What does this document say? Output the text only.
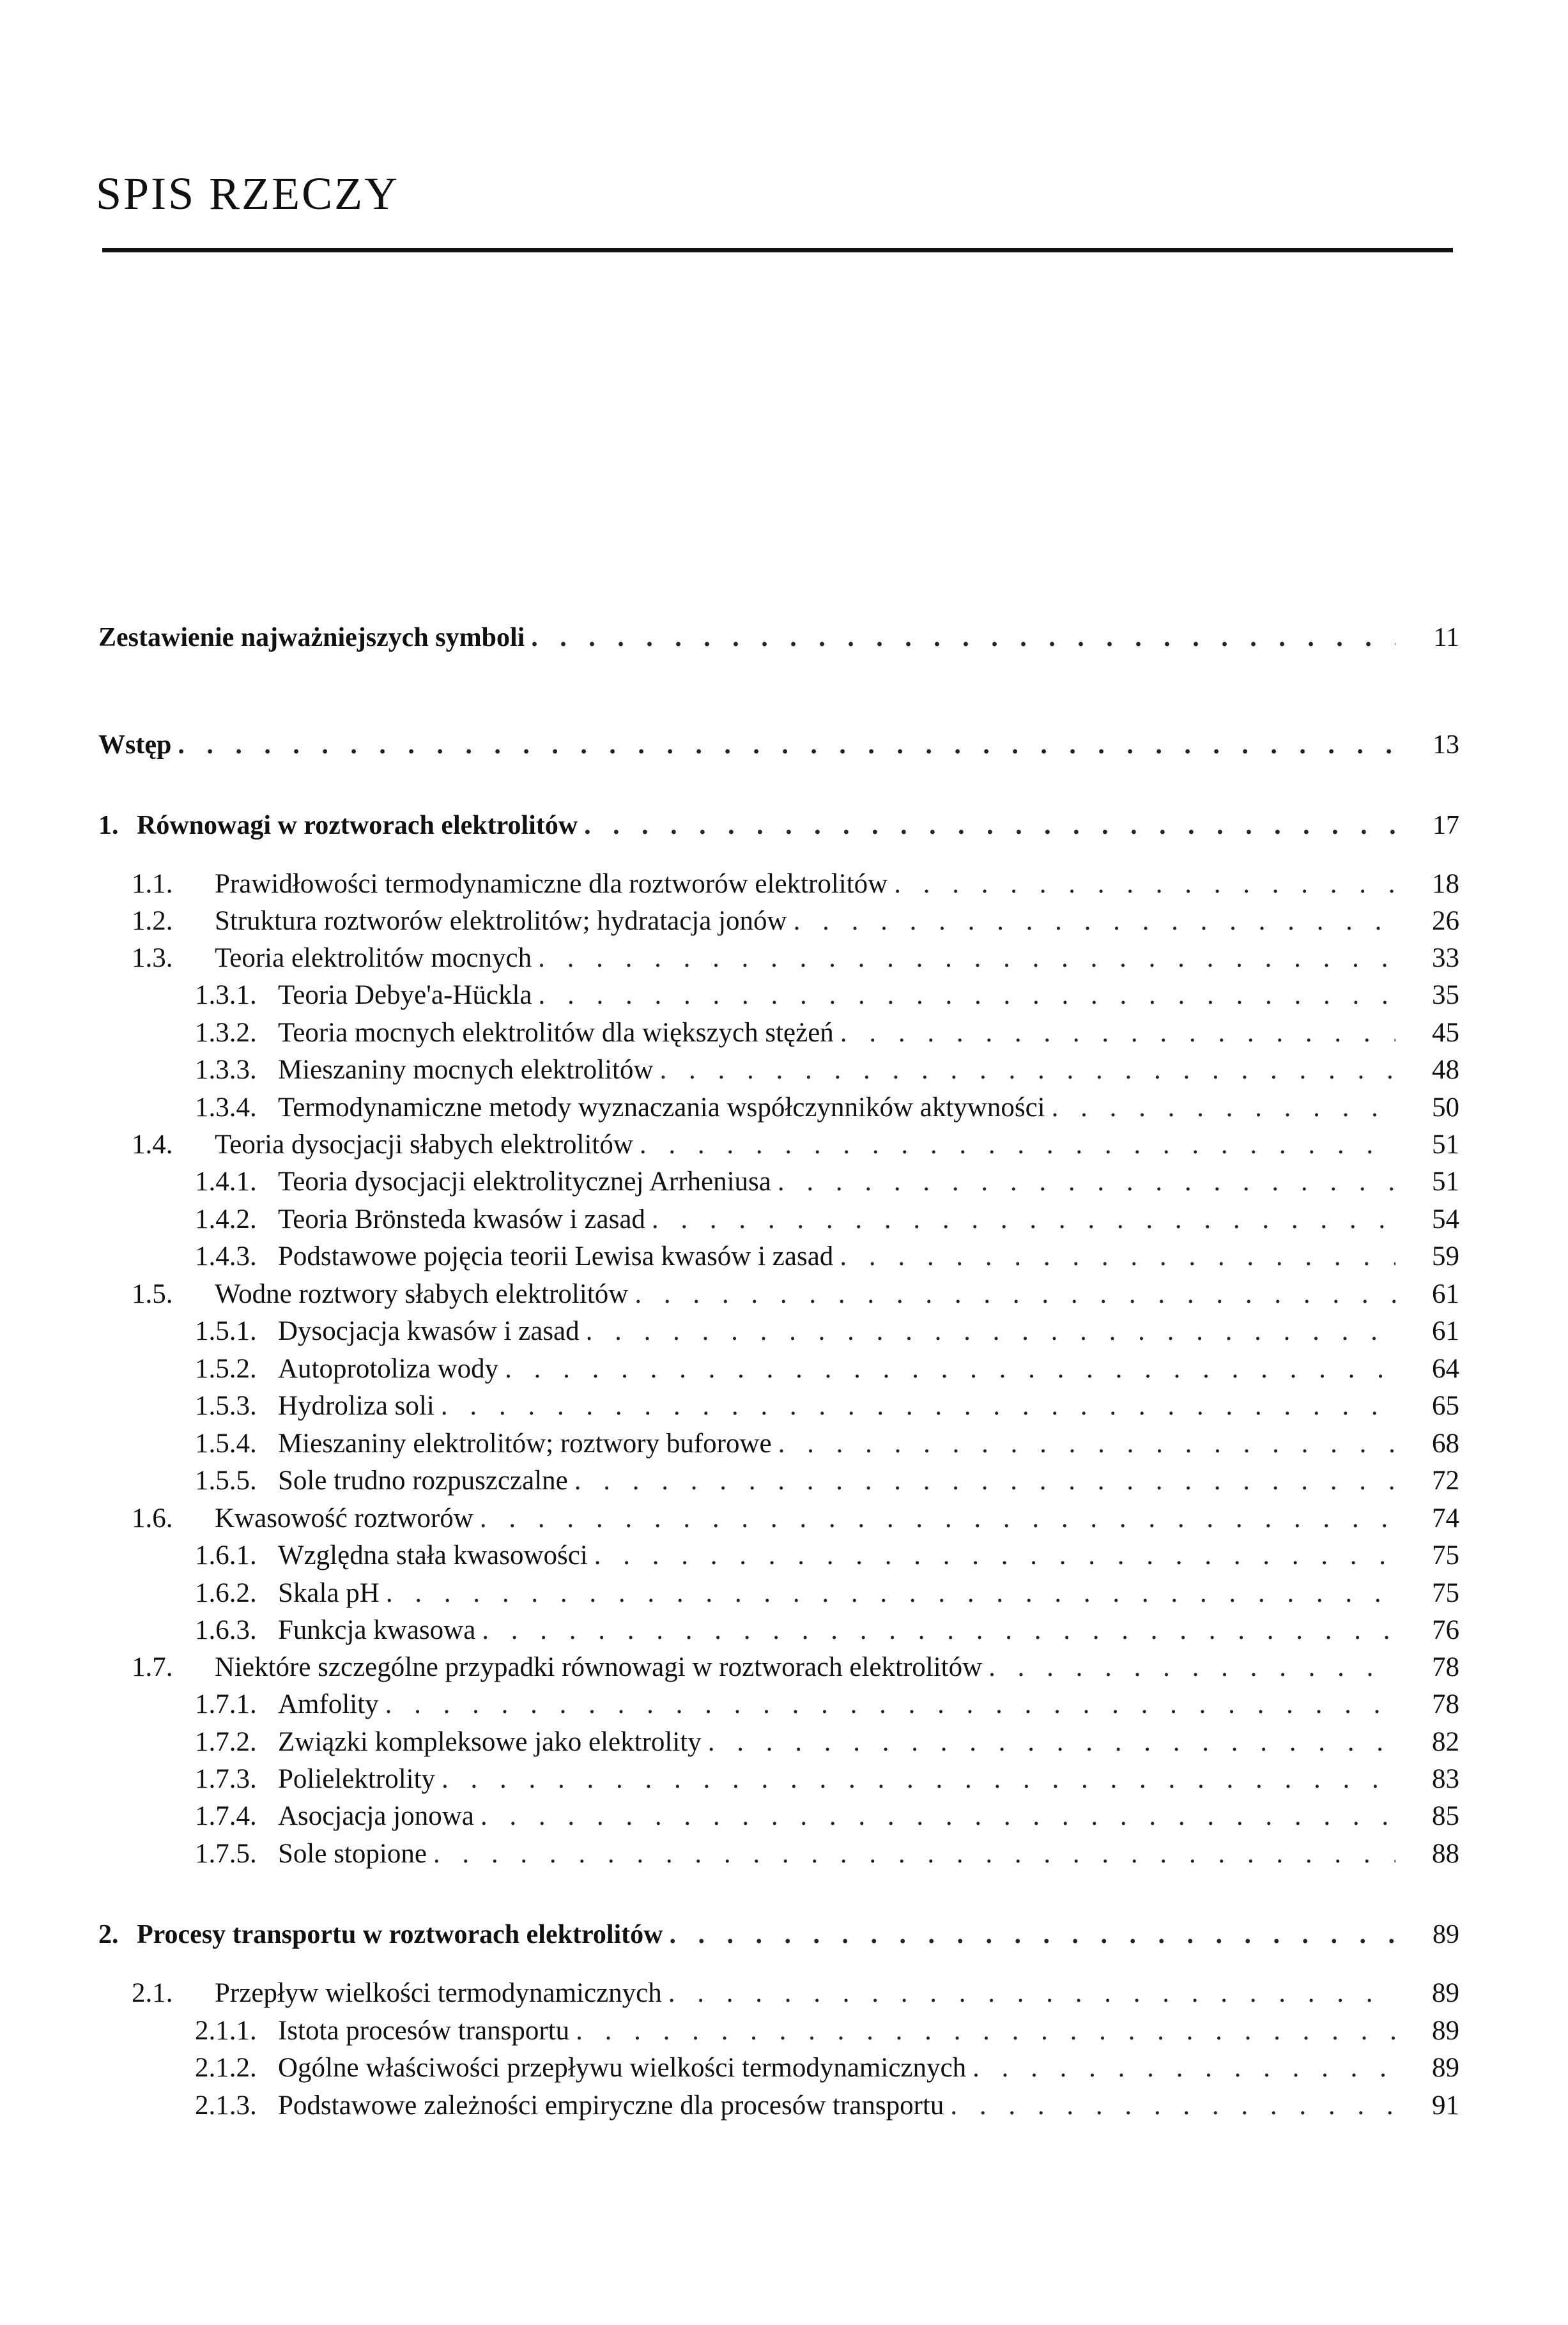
SPIS RZECZY
Zestawienie najważniejszych symboli . . .	11
Wstęp . . .	13
1. Równowagi w roztworach elektrolitów . . .	17
1.1.	Prawidłowości termodynamiczne dla roztworów elektrolitów . . .	18
1.2.	Struktura roztworów elektrolitów; hydratacja jonów . . .	26
1.3.	Teoria elektrolitów mocnych . . .	33
1.3.1. Teoria Debye'a-Hückla . . .	35
1.3.2. Teoria mocnych elektrolitów dla większych stężeń . . .	45
1.3.3. Mieszaniny mocnych elektrolitów . . .	48
1.3.4. Termodynamiczne metody wyznaczania współczynników aktywności . . .	50
1.4.	Teoria dysocjacji słabych elektrolitów . . .	51
1.4.1. Teoria dysocjacji elektrolitycznej Arrheniusa . . .	51
1.4.2. Teoria Brönsteda kwasów i zasad . . .	54
1.4.3. Podstawowe pojęcia teorii Lewisa kwasów i zasad . . .	59
1.5.	Wodne roztwory słabych elektrolitów . . .	61
1.5.1. Dysocjacja kwasów i zasad . . .	61
1.5.2. Autoprotoliza wody . . .	64
1.5.3. Hydroliza soli . . .	65
1.5.4. Mieszaniny elektrolitów; roztwory buforowe . . .	68
1.5.5. Sole trudno rozpuszczalne . . .	72
1.6.	Kwasowość roztworów . . .	74
1.6.1. Względna stała kwasowości . . .	75
1.6.2. Skala pH . . .	75
1.6.3. Funkcja kwasowa . . .	76
1.7.	Niektóre szczególne przypadki równowagi w roztworach elektrolitów . . .	78
1.7.1. Amfolity . . .	78
1.7.2. Związki kompleksowe jako elektrolity . . .	82
1.7.3. Polielektrolity . . .	83
1.7.4. Asocjacja jonowa . . .	85
1.7.5. Sole stopione . . .	88
2. Procesy transportu w roztworach elektrolitów . . .	89
2.1.	Przepływ wielkości termodynamicznych . . .	89
2.1.1. Istota procesów transportu . . .	89
2.1.2. Ogólne właściwości przepływu wielkości termodynamicznych . . .	89
2.1.3. Podstawowe zależności empiryczne dla procesów transportu . . .	91
